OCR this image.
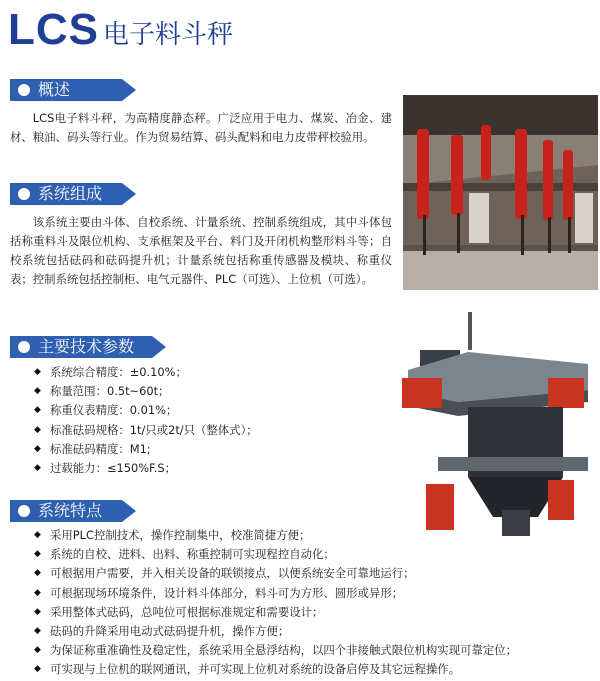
LCS 电子料斗秤
概述
LCS电子料斗秤，为高精度静态秤。广泛应用于电力、煤炭、冶金、建材、粮油、码头等行业。作为贸易结算、码头配料和电力皮带秤校验用。
系统组成
该系统主要由斗体、自校系统、计量系统、控制系统组成，其中斗体包括称重料斗及限位机构、支承框架及平台、料门及开闭机构整形料斗等；自校系统包括砝码和砝码提升机；计量系统包括称重传感器及模块、称重仪表；控制系统包括控制柜、电气元器件、PLC（可选）、上位机（可选）。
主要技术参数
◆ 系统综合精度：±0.10%；
◆ 称量范围：0.5t~60t；
◆ 称重仪表精度：0.01%；
◆ 标准砝码规格：1t/只或2t/只（整体式）；
◆ 标准砝码精度：M1;
◆ 过载能力：≤150%F.S；
系统特点
◆ 采用PLC控制技术，操作控制集中，校准简捷方便；
◆ 系统的自校、进料、出料、称重控制可实现程控自动化；
◆ 可根据用户需要，并入相关设备的联锁接点，以便系统安全可靠地运行；
◆ 可根据现场环境条件，设计料斗体部分，料斗可为方形、圆形或异形；
◆ 采用整体式砝码，总吨位可根据标准规定和需要设计；
◆ 砝码的升降采用电动式砝码提升机，操作方便；
◆ 为保证称重准确性及稳定性，系统采用全悬浮结构，以四个非接触式限位机构实现可靠定位；
◆ 可实现与上位机的联网通讯，并可实现上位机对系统的设备启停及其它远程操作。
